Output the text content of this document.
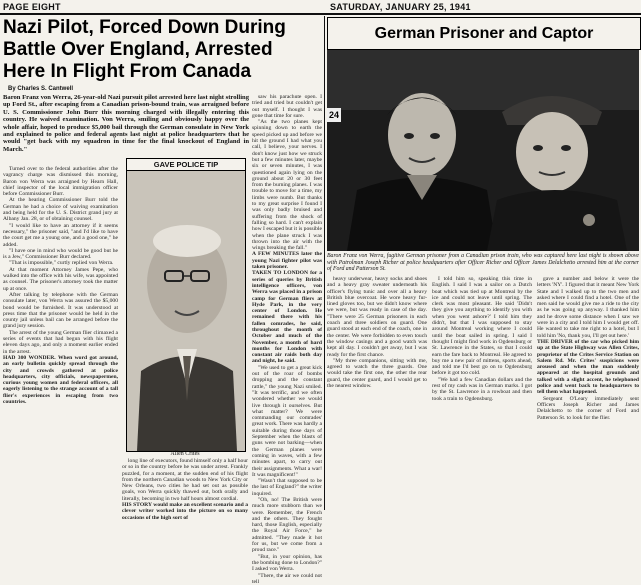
PAGE EIGHT	SATURDAY, JANUARY 25, 1941
Nazi Pilot, Forced Down During
Battle Over England, Arrested
Here In Flight From Canada
By Charles S. Cantwell
Baron Franz von Werra, 26-year-old Nazi pursuit pilot arrested here last night strolling up Ford St., after escaping from a Canadian prison-bound train, was arraigned before U. S. Commissioner John Burr this morning charged with illegally entering this country. He waived examination. Von Werra, smiling and obviously happy over the whole affair, hoped to produce $5,000 bail through the German consulate in New York and explained to police and federal agents last night at police headquarters that he would "get back with my squadron in time for the final knockout of England in March."

Turned over to the federal authorities after the vagrancy charge was dismissed this morning, Baron von Werra was arraigned by Hearn Hall, chief inspector of the local immigration officer before Commissioner Burr.

At the hearing Commissioner Burr told the German he had a choice of waiving examination and being held for the U. S. District grand jury at Albany Jan. 28, or of obtaining counsel.

"I would like to have an attorney if it seems necessary," the prisoner said, "and I'd like to have the court get me a young one, and a good one," he added.

"I have one in mind who would be good but he is a Jew," Commissioner Burr declared.

"That is impossible," curtly replied von Werra.

At that moment Attorney James Pepe, who walked into the office with his wife, was appointed as counsel. The prisoner's attorney took the matter up at once.

After talking by telephone with the German consulate later, von Werra was assured the $5,000 bond would be furnished. It was understood at press time that the prisoner would be held in the county jail unless bail can be arranged before the grand jury session.

The arrest of the young German flier climaxed a series of events that had begun with his flight eleven days ago, and only a moment earlier ended in the arrest.

HAD 300 WONDER. When word got around, an early bulletin quickly spread through the city and crowds gathered at police headquarters, city officials, newspapermen, curious young women and federal officers, all eagerly listening to the strange account of a tall flier's experiences in escaping from two countries.

GAVE POLICE TIP
Allen Crites

long line of executors, found himself only a half hour or so in the country before he was under arrest. Frankly puzzled, for a moment, at the sudden end of his flight from the northern Canadian woods to New York City or New Orleans, two cities he had set out as possible goals, von Werra quickly thawed out, both orally and literally, becoming in two half hours almost cordial.

HIS STORY would make an excellent scenario and a clever writer worked into the picture on so many occasions of the high sort of

saw his parachute open. I tried and tried but couldn't get out myself. I thought I was gone that time for sure.

"As the two planes kept spinning down to earth the speed picked up and before we hit the ground I had what you call, I believe, your nerves. I don't know just how we struck but a few minutes later, maybe six or seven minutes, I was questioned again lying on the ground about 20 or 30 feet from the burning planes. I was trouble to move for a time, my limbs were numb. But thanks to my great surprise I found I was only badly bruised and suffering from the shock of falling so hard. I can't explain how I escaped but it is possible when the plane struck I was thrown into the air with the wings breaking the fall."

A FEW MINUTES later the young Nazi fighter pilot was taken prisoner.

TAKEN TO LONDON for a series of queries by British intelligence officers, von Werra was placed in a prison camp for German fliers at Hyde Park, in the very center of London. He remained there with his fallen comrades, he said, throughout the month of October and much of the November, a month of hard months for London with constant air raids both day and night, he said.

"We used to get a great kick out of the roar of bombs dropping and the constant rattle," the young Nazi smiled. "It was terrific, and we often wondered whether we would live through it ourselves. But what matter? We were commanding our comrades' great work. There was hardly a suitable during those days of September when the blasts of guns were not barking—when the German planes were coming in waves, with a few minutes apart, to carry out their assignments. What a war! It was magnificent!"

"Wasn't that supposed to be the last of England?" the writer inquired.

"Oh, no! The British were much more stubborn than we were. Remember, the French and the others. They fought hard, those English, especially the Royal Air Force," he admitted. "They made it hot for us, but we come from a proud race."

"But, in your opinion, has the bombing done to London?" I asked von Werra.

"There, the air we could not tell

German Prisoner and Captor
24
Baron Franz von Werra, fugitive German prisoner from a Canadian prison train, who was captured here last night is shown above with Patrolman Joseph Richer at police headquarters after Officer Richer and Officer James Delalchetto arrested him at the corner of Ford and Patterson St.

heavy underwear, heavy socks and shoes and a heavy gray sweater underneath his officer's flying tunic and over all a heavy British blue overcoat. He wore heavy fur-lined gloves too, but we didn't know where we were, but was ready in case of the day. "There were 25 German prisoners in each coach and three soldiers on guard. One guard stood at each end of the coach, one in the center. We were forbidden to even touch the window casings and a good watch was kept all day. I couldn't get away, but I was ready for the first chance.

"My three companions, sitting with me, agreed to watch the three guards. One would take the first one, the other the rear guard, the center guard, and I would get to the nearest window.

I told him so, speaking this time in English. I said I was a sailor on a Dutch boat which was tied up at Montreal by the ice and could not leave until spring. The clerk was most pleasant. He said 'Didn't they give you anything to identify you with when you went ashore?' I told him they didn't, but that I was supposed to stay around Montreal working where I could until the boat sailed in spring. I said I thought I might find work in Ogdensburg or St. Lawrence in the States, so that I could earn the fare back to Montreal. He agreed to buy me a new pair of mittens, sports ahead, and told me I'd best go on to Ogdensburg before it got too cold.

"We had a few Canadian dollars and the rest of my cash was in German marks. I got by the St. Lawrence in a rowboat and then took a train to Ogdensburg.

gave a number and below it were the letters 'NY'. I figured that it meant New York State and I walked up to the two men and asked where I could find a hotel. One of the men said he would give me a ride to the city as he was going up anyway. I thanked him and he drove some distance when I saw we were in a city and I told him I would get off. He wanted to take me right to a hotel, but I told him 'No, thank you, I'll get out here.'

THE DRIVER of the car who picked him up at the State Highway was Allen Crites, proprietor of the Crites Service Station on Salem Rd. Mr. Crites' suspicions were aroused and when the man suddenly appeared at the hospital grounds and talked with a slight accent, he telephoned police and went back to headquarters to tell them what happened.

Sergeant O'Leary immediately sent Officers Joseph Richer and James Delalchetto to the corner of Ford and Patterson St. to look for the flier.
